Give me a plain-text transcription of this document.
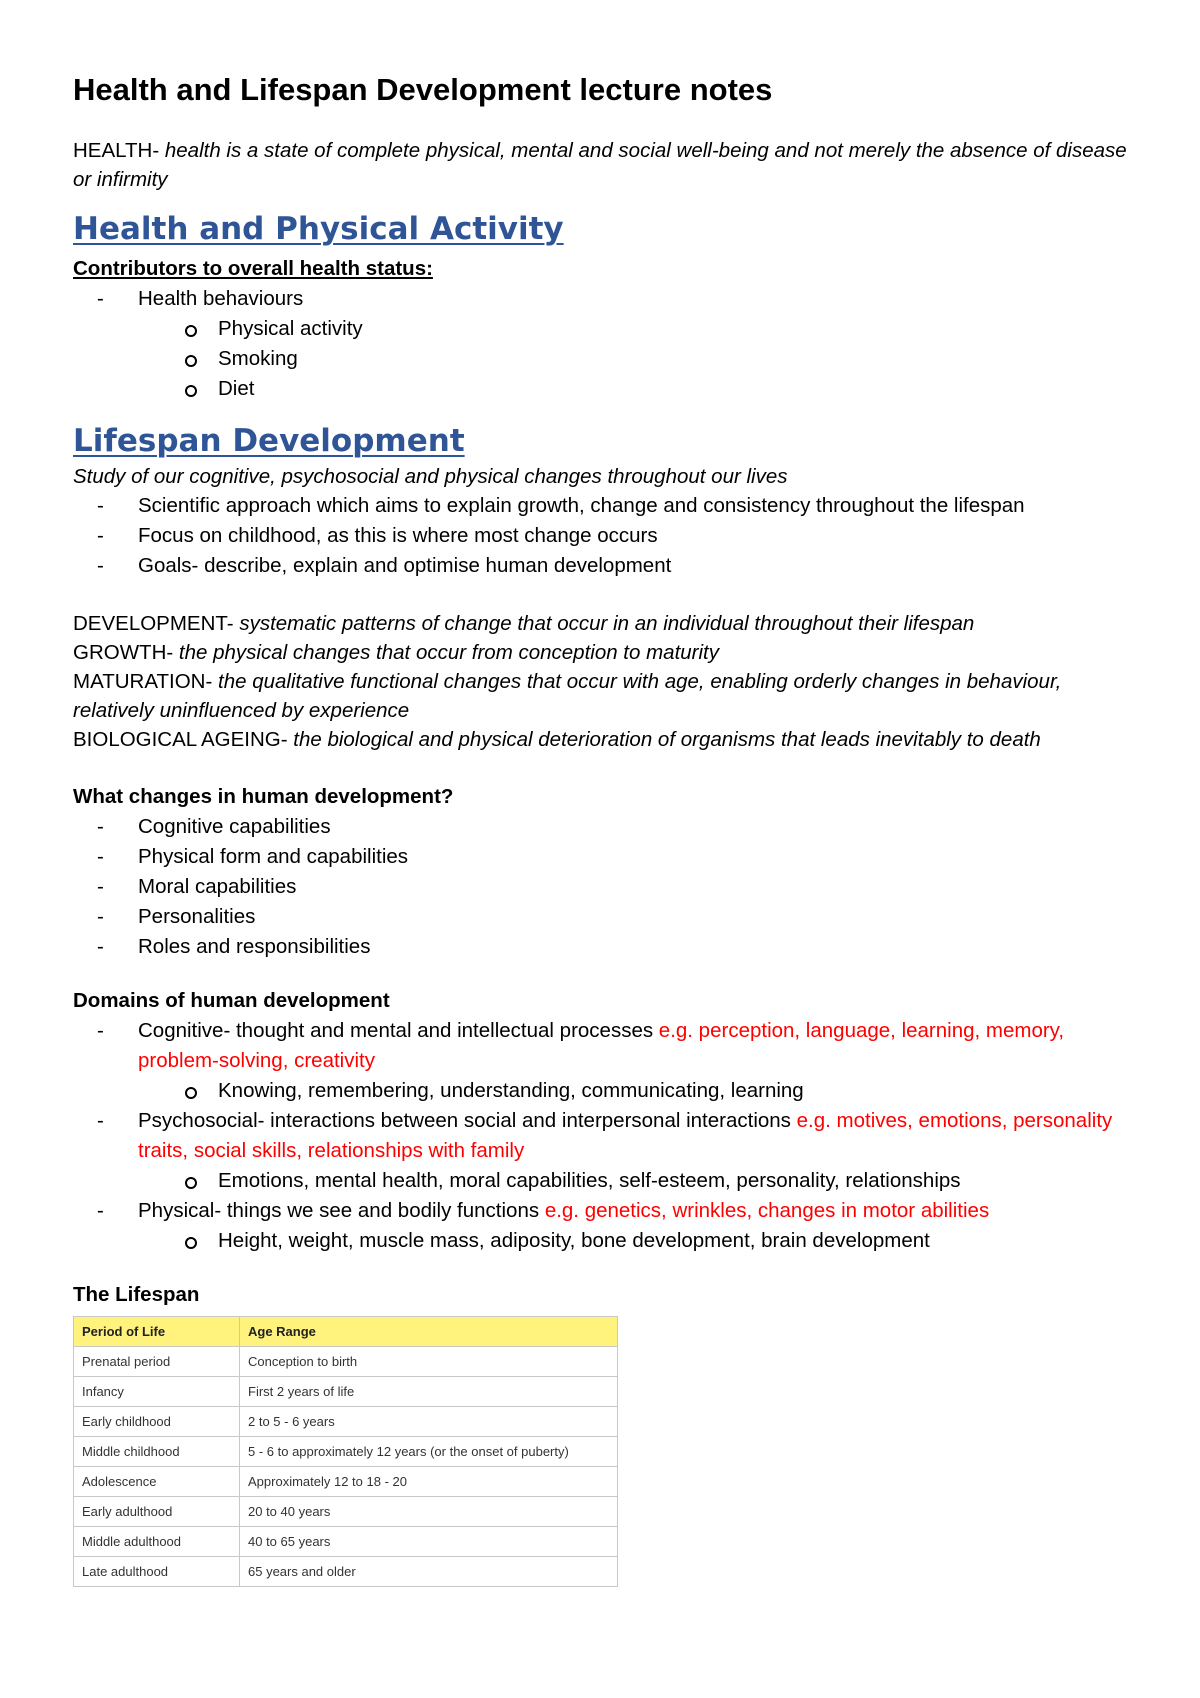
Health and Lifespan Development lecture notes

HEALTH- health is a state of complete physical, mental and social well-being and not merely the absence of disease or infirmity

Health and Physical Activity
Contributors to overall health status:
-	Health behaviours
Physical activity
Smoking
Diet
Lifespan Development

Study of our cognitive, psychosocial and physical changes throughout our lives

-	Scientific approach which aims to explain growth, change and consistency throughout the lifespan
-	Focus on childhood, as this is where most change occurs
-	Goals- describe, explain and optimise human development

DEVELOPMENT- systematic patterns of change that occur in an individual throughout their lifespan

GROWTH- the physical changes that occur from conception to maturity

MATURATION- the qualitative functional changes that occur with age, enabling orderly changes in behaviour, relatively uninfluenced by experience

BIOLOGICAL AGEING- the biological and physical deterioration of organisms that leads inevitably to death

What changes in human development?
-	Cognitive capabilities
-	Physical form and capabilities
-	Moral capabilities
-	Personalities
-	Roles and responsibilities
Domains of human development
-	Cognitive- thought and mental and intellectual processes e.g. perception, language, learning, memory, problem-solving, creativity
Knowing, remembering, understanding, communicating, learning
-	Psychosocial- interactions between social and interpersonal interactions e.g. motives, emotions, personality traits, social skills, relationships with family
Emotions, mental health, moral capabilities, self-esteem, personality, relationships
-	Physical- things we see and bodily functions e.g. genetics, wrinkles, changes in motor abilities
Height, weight, muscle mass, adiposity, bone development, brain development
The Lifespan
Period of Life	Age Range
Prenatal period	Conception to birth
Infancy	First 2 years of life
Early childhood	2 to 5 - 6 years
Middle childhood	5 - 6 to approximately 12 years (or the onset of puberty)
Adolescence	Approximately 12 to 18 - 20
Early adulthood	20 to 40 years
Middle adulthood	40 to 65 years
Late adulthood	65 years and older
